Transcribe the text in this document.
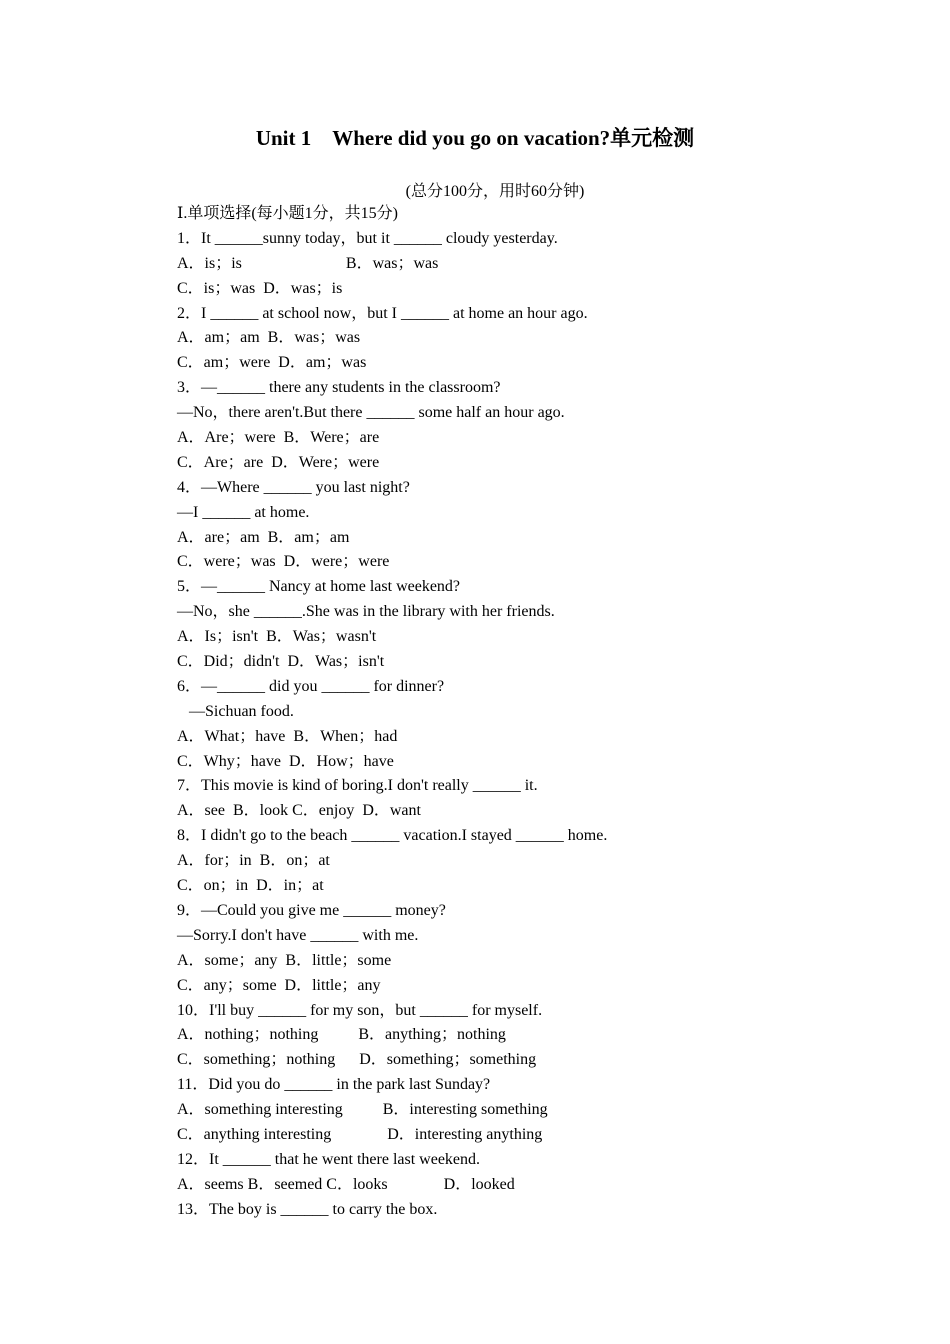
Unit 1　Where did you go on vacation?单元检测
(总分100分，用时60分钟)
Ⅰ.单项选择(每小题1分，共15分)
1．It ______sunny today，but it ______ cloudy yesterday.
A．is；is                          B．was；was
C．is；was  D．was；is
2．I ______ at school now，but I ______ at home an hour ago.
A．am；am  B．was；was
C．am；were  D．am；was
3．—______ there any students in the classroom?
—No，there aren't.But there ______ some half an hour ago.
A．Are；were  B．Were；are
C．Are；are  D．Were；were
4．—Where ______ you last night?
—I ______ at home.
A．are；am  B．am；am
C．were；was  D．were；were
5．—______ Nancy at home last weekend?
—No，she ______.She was in the library with her friends.
A．Is；isn't  B．Was；wasn't
C．Did；didn't  D．Was；isn't
6．—______ did you ______ for dinner?
—Sichuan food.
A．What；have  B．When；had
C．Why；have  D．How；have
7．This movie is kind of boring.I don't really ______ it.
A．see  B．look C．enjoy  D．want
8．I didn't go to the beach ______ vacation.I stayed ______ home.
A．for；in  B．on；at
C．on；in  D．in；at
9．—Could you give me ______ money?
—Sorry.I don't have ______ with me.
A．some；any  B．little；some
C．any；some  D．little；any
10．I'll buy ______ for my son，but ______ for myself.
A．nothing；nothing          B．anything；nothing
C．something；nothing      D．something；something
11．Did you do ______ in the park last Sunday?
A．something interesting          B．interesting something
C．anything interesting              D．interesting anything
12．It ______ that he went there last weekend.
A．seems B．seemed C．looks              D．looked
13．The boy is ______ to carry the box.
